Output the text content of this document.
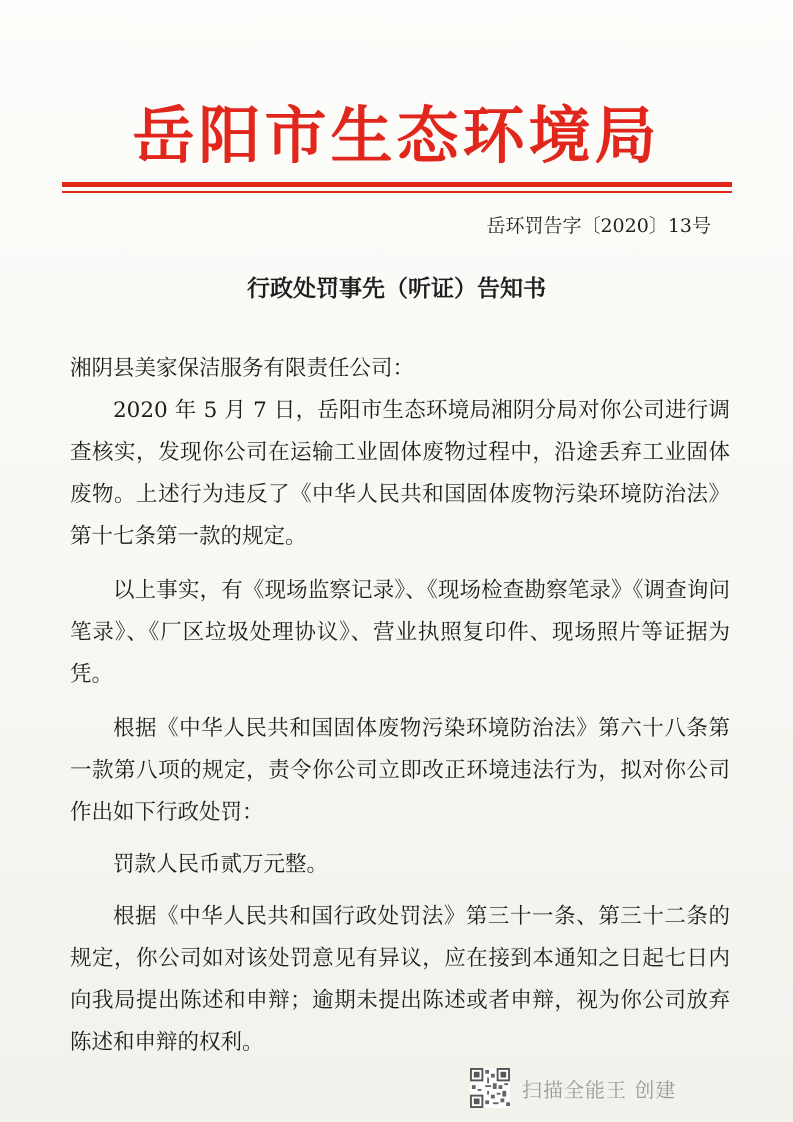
岳阳市生态环境局
岳环罚告字〔2020〕13号
行政处罚事先（听证）告知书

湘阴县美家保洁服务有限责任公司：

2020 年 5 月 7 日，岳阳市生态环境局湘阴分局对你公司进行调查核实，发现你公司在运输工业固体废物过程中，沿途丢弃工业固体废物。上述行为违反了《中华人民共和国固体废物污染环境防治法》第十七条第一款的规定。

以上事实，有《现场监察记录》、《现场检查勘察笔录》《调查询问笔录》、《厂区垃圾处理协议》、营业执照复印件、现场照片等证据为凭。

根据《中华人民共和国固体废物污染环境防治法》第六十八条第一款第八项的规定，责令你公司立即改正环境违法行为，拟对你公司作出如下行政处罚：

罚款人民币贰万元整。

根据《中华人民共和国行政处罚法》第三十一条、第三十二条的规定，你公司如对该处罚意见有异议，应在接到本通知之日起七日内向我局提出陈述和申辩；逾期未提出陈述或者申辩，视为你公司放弃陈述和申辩的权利。

扫描全能王 创建
